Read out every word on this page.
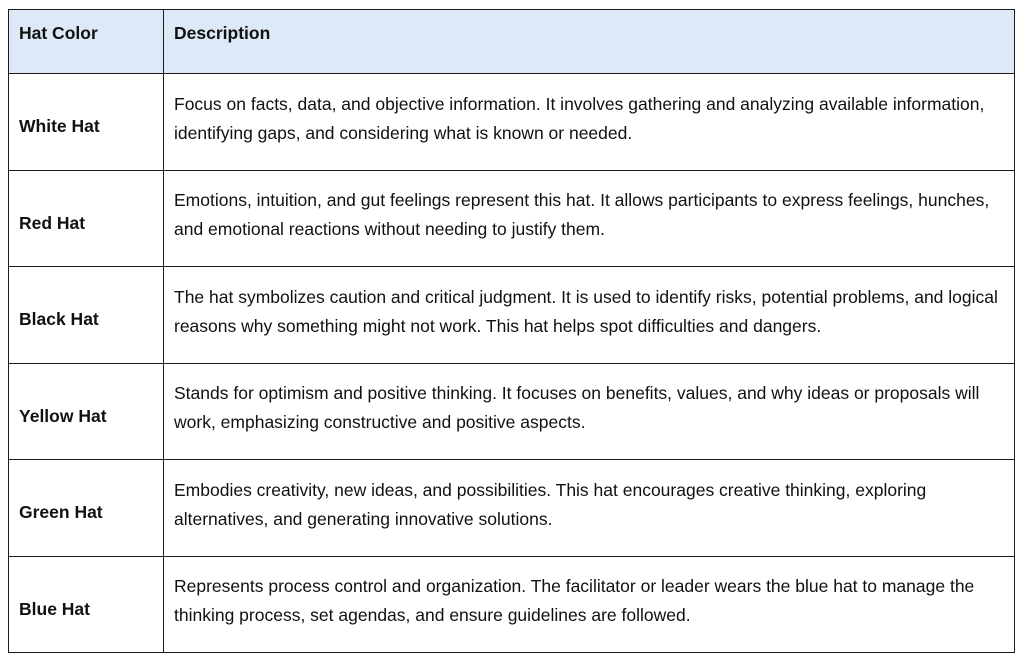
Hat Color	Description
White Hat	Focus on facts, data, and objective information. It involves gathering and analyzing available information, identifying gaps, and considering what is known or needed.
Red Hat	Emotions, intuition, and gut feelings represent this hat. It allows participants to express feelings, hunches, and emotional reactions without needing to justify them.
Black Hat	The hat symbolizes caution and critical judgment. It is used to identify risks, potential problems, and logical reasons why something might not work. This hat helps spot difficulties and dangers.
Yellow Hat	Stands for optimism and positive thinking. It focuses on benefits, values, and why ideas or proposals will work, emphasizing constructive and positive aspects.
Green Hat	Embodies creativity, new ideas, and possibilities. This hat encourages creative thinking, exploring alternatives, and generating innovative solutions.
Blue Hat	Represents process control and organization. The facilitator or leader wears the blue hat to manage the thinking process, set agendas, and ensure guidelines are followed.
